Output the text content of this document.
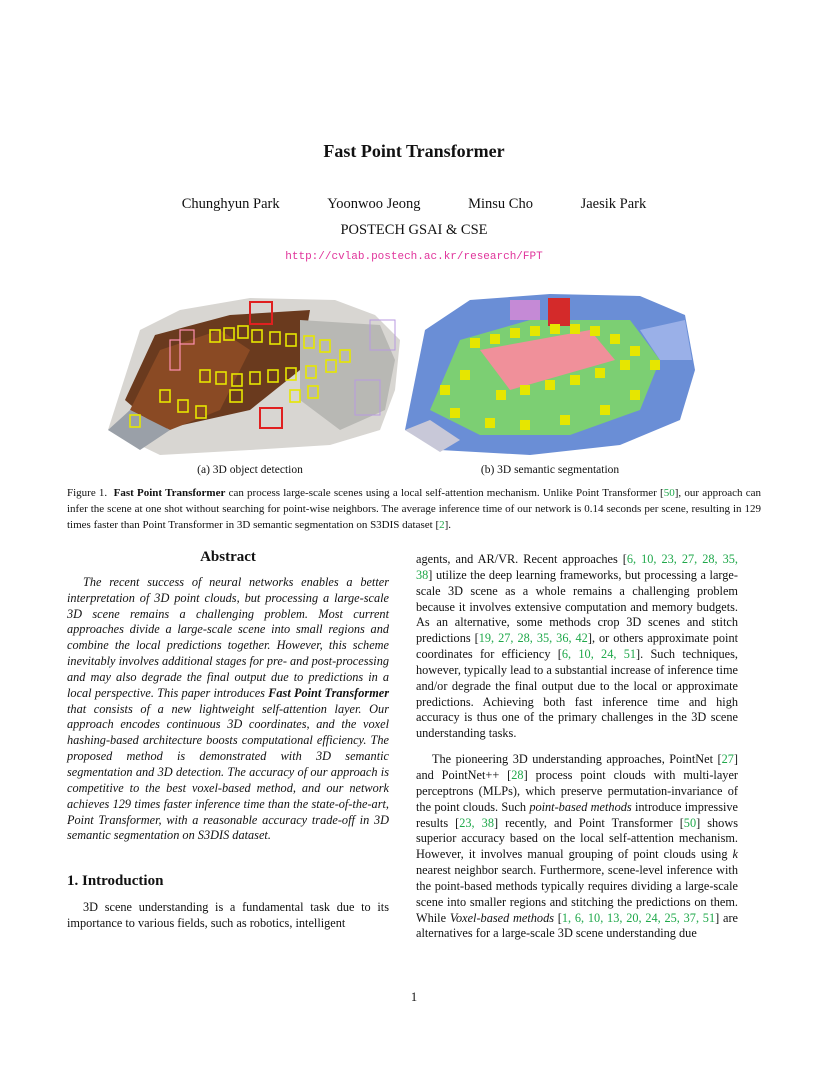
Fast Point Transformer
Chunghyun Park	Yoonwoo Jeong	Minsu Cho	Jaesik Park
POSTECH GSAI & CSE
http://cvlab.postech.ac.kr/research/FPT
(a) 3D object detection	(b) 3D semantic segmentation
Figure 1. Fast Point Transformer can process large-scale scenes using a local self-attention mechanism. Unlike Point Transformer [50], our approach can infer the scene at one shot without searching for point-wise neighbors. The average inference time of our network is 0.14 seconds per scene, resulting in 129 times faster than Point Transformer in 3D semantic segmentation on S3DIS dataset [2].
Abstract

The recent success of neural networks enables a better interpretation of 3D point clouds, but processing a large-scale 3D scene remains a challenging problem. Most current approaches divide a large-scale scene into small regions and combine the local predictions together. However, this scheme inevitably involves additional stages for pre- and post-processing and may also degrade the final output due to predictions in a local perspective. This paper introduces Fast Point Transformer that consists of a new lightweight self-attention layer. Our approach encodes continuous 3D coordinates, and the voxel hashing-based architecture boosts computational efficiency. The proposed method is demonstrated with 3D semantic segmentation and 3D detection. The accuracy of our approach is competitive to the best voxel-based method, and our network achieves 129 times faster inference time than the state-of-the-art, Point Transformer, with a reasonable accuracy trade-off in 3D semantic segmentation on S3DIS dataset.

1. Introduction

3D scene understanding is a fundamental task due to its importance to various fields, such as robotics, intelligent

agents, and AR/VR. Recent approaches [6, 10, 23, 27, 28, 35, 38] utilize the deep learning frameworks, but processing a large-scale 3D scene as a whole remains a challenging problem because it involves extensive computation and memory budgets. As an alternative, some methods crop 3D scenes and stitch predictions [19, 27, 28, 35, 36, 42], or others approximate point coordinates for efficiency [6, 10, 24, 51]. Such techniques, however, typically lead to a substantial increase of inference time and/or degrade the final output due to the local or approximate predictions. Achieving both fast inference time and high accuracy is thus one of the primary challenges in the 3D scene understanding tasks.

The pioneering 3D understanding approaches, PointNet [27] and PointNet++ [28] process point clouds with multi-layer perceptrons (MLPs), which preserve permutation-invariance of the point clouds. Such point-based methods introduce impressive results [23, 38] recently, and Point Transformer [50] shows superior accuracy based on the local self-attention mechanism. However, it involves manual grouping of point clouds using k nearest neighbor search. Furthermore, scene-level inference with the point-based methods typically requires dividing a large-scale scene into smaller regions and stitching the predictions on them. While Voxel-based methods [1, 6, 10, 13, 20, 24, 25, 37, 51] are alternatives for a large-scale 3D scene understanding due

1
